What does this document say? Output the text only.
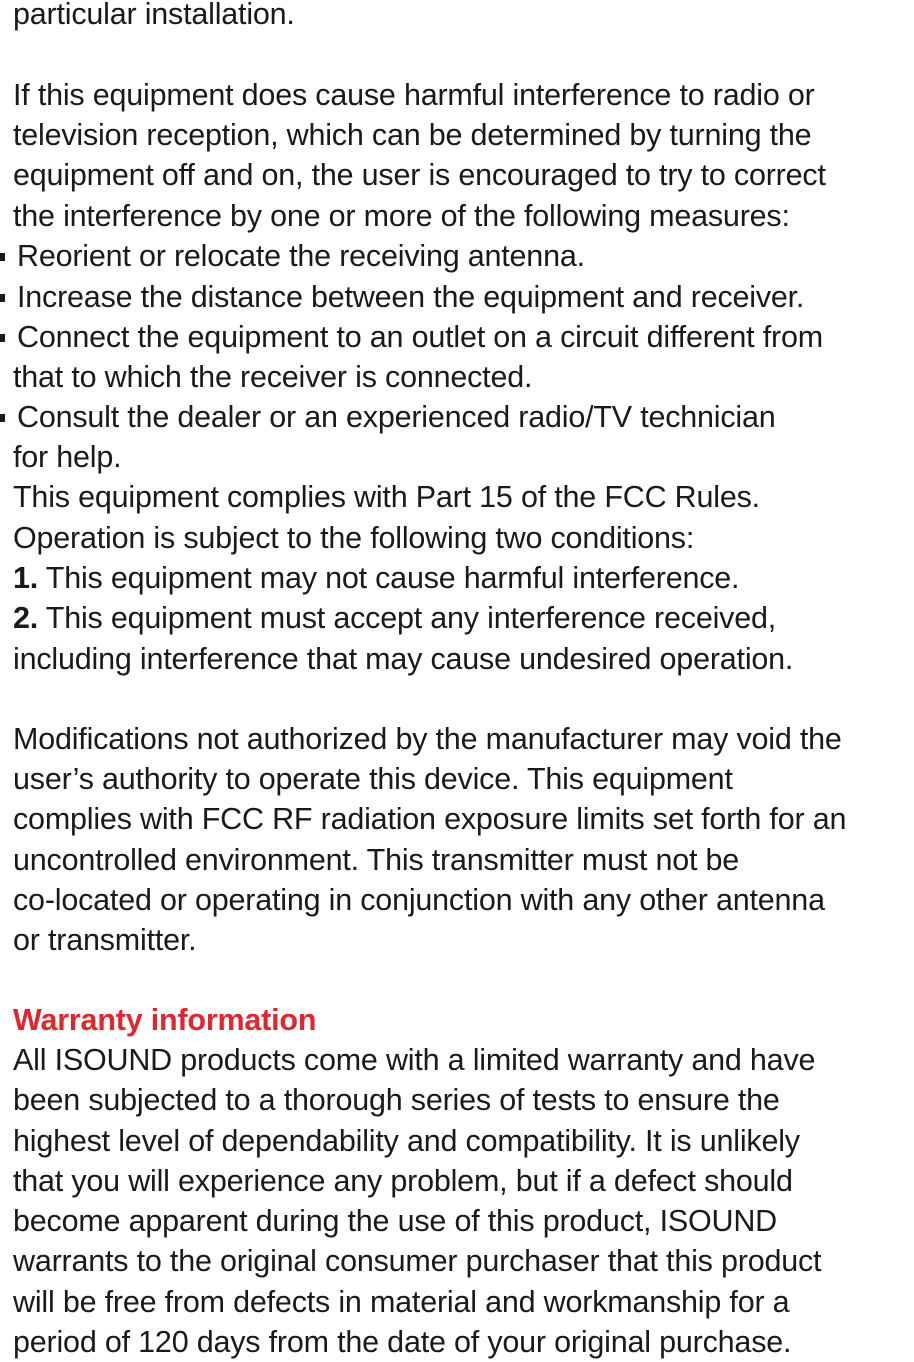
particular installation.
If this equipment does cause harmful interference to radio or
television reception, which can be determined by turning the
equipment off and on, the user is encouraged to try to correct
the interference by one or more of the following measures:
Reorient or relocate the receiving antenna.
Increase the distance between the equipment and receiver.
Connect the equipment to an outlet on a circuit different from
that to which the receiver is connected.
Consult the dealer or an experienced radio/TV technician
for help.
This equipment complies with Part 15 of the FCC Rules.
Operation is subject to the following two conditions:
1. This equipment may not cause harmful interference.
2. This equipment must accept any interference received,
including interference that may cause undesired operation.
Modifications not authorized by the manufacturer may void the
user’s authority to operate this device. This equipment
complies with FCC RF radiation exposure limits set forth for an
uncontrolled environment. This transmitter must not be
co-located or operating in conjunction with any other antenna
or transmitter.
Warranty information
All ISOUND products come with a limited warranty and have
been subjected to a thorough series of tests to ensure the
highest level of dependability and compatibility. It is unlikely
that you will experience any problem, but if a defect should
become apparent during the use of this product, ISOUND
warrants to the original consumer purchaser that this product
will be free from defects in material and workmanship for a
period of 120 days from the date of your original purchase.
